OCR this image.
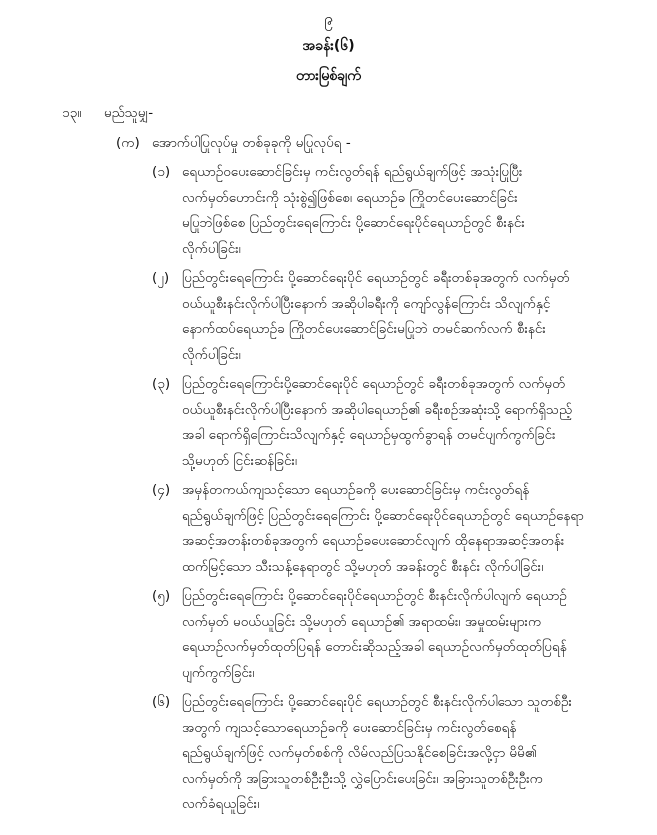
၉
အခန်း(၆)
တားမြစ်ချက်
၁၃။ မည်သူမျှ-
(က) အောက်ပါပြုလုပ်မှု တစ်ခုခုကို မပြုလုပ်ရ -
(၁) ရေယာဉ်ဝပေးဆောင်ခြင်းမှ ကင်းလွတ်ရန် ရည်ရွယ်ချက်ဖြင့် အသုံးပြုပြီး
လက်မှတ်ဟောင်းကို သုံးစွဲ၍ဖြစ်စေ၊ ရေယာဉ်ခ ကြိုတင်ပေးဆောင်ခြင်း
မပြုဘဲဖြစ်စေ ပြည်တွင်းရေကြောင်း ပို့ဆောင်ရေးပိုင်ရေယာဉ်တွင် စီးနင်း
လိုက်ပါခြင်း၊
(၂) ပြည်တွင်းရေကြောင်း ပို့ဆောင်ရေးပိုင် ရေယာဉ်တွင် ခရီးတစ်ခုအတွက် လက်မှတ်
ဝယ်ယူစီးနင်းလိုက်ပါပြီးနောက် အဆိုပါခရီးကို ကျော်လွန်ကြောင်း သိလျက်နှင့်
နောက်ထပ်ရေယာဉ်ခ ကြိုတင်ပေးဆောင်ခြင်းမပြုဘဲ တမင်ဆက်လက် စီးနင်း
လိုက်ပါခြင်း၊
(၃) ပြည်တွင်းရေကြောင်းပို့ဆောင်ရေးပိုင် ရေယာဉ်တွင် ခရီးတစ်ခုအတွက် လက်မှတ်
ဝယ်ယူစီးနင်းလိုက်ပါပြီးနောက် အဆိုပါရေယာဉ်၏ ခရီးစဉ်အဆုံးသို့ ရောက်ရှိသည့်
အခါ ရောက်ရှိကြောင်းသိလျက်နှင့် ရေယာဉ်မှထွက်ခွာရန် တမင်ပျက်ကွက်ခြင်း
သို့မဟုတ် ငြင်းဆန်ခြင်း၊
(၄) အမှန်တကယ်ကျသင့်သော ရေယာဉ်ခကို ပေးဆောင်ခြင်းမှ ကင်းလွတ်ရန်
ရည်ရွယ်ချက်ဖြင့် ပြည်တွင်းရေကြောင်း ပို့ဆောင်ရေးပိုင်ရေယာဉ်တွင် ရေယာဉ်နေရာ
အဆင့်အတန်းတစ်ခုအတွက် ရေယာဉ်ခပေးဆောင်လျက် ထိုနေရာအဆင့်အတန်း
ထက်မြင့်သော သီးသန့်နေရာတွင် သို့မဟုတ် အခန်းတွင် စီးနင်း လိုက်ပါခြင်း၊
(၅) ပြည်တွင်းရေကြောင်း ပို့ဆောင်ရေးပိုင်ရေယာဉ်တွင် စီးနင်းလိုက်ပါလျက် ရေယာဉ်
လက်မှတ် မဝယ်ယူခြင်း သို့မဟုတ် ရေယာဉ်၏ အရာထမ်း၊ အမှုထမ်းများက
ရေယာဉ်လက်မှတ်ထုတ်ပြရန် တောင်းဆိုသည့်အခါ ရေယာဉ်လက်မှတ်ထုတ်ပြရန်
ပျက်ကွက်ခြင်း၊
(၆) ပြည်တွင်းရေကြောင်း ပို့ဆောင်ရေးပိုင် ရေယာဉ်တွင် စီးနင်းလိုက်ပါသော သူတစ်ဦး
အတွက် ကျသင့်သောရေယာဉ်ခကို ပေးဆောင်ခြင်းမှ ကင်းလွတ်စေရန်
ရည်ရွယ်ချက်ဖြင့် လက်မှတ်စစ်ကို လိမ်လည်ပြသနိုင်စေခြင်းအလို့ငှာ မိမိ၏
လက်မှတ်ကို အခြားသူတစ်ဦးဦးသို့ လွှဲပြောင်းပေးခြင်း၊ အခြားသူတစ်ဦးဦးက
လက်ခံရယူခြင်း၊
